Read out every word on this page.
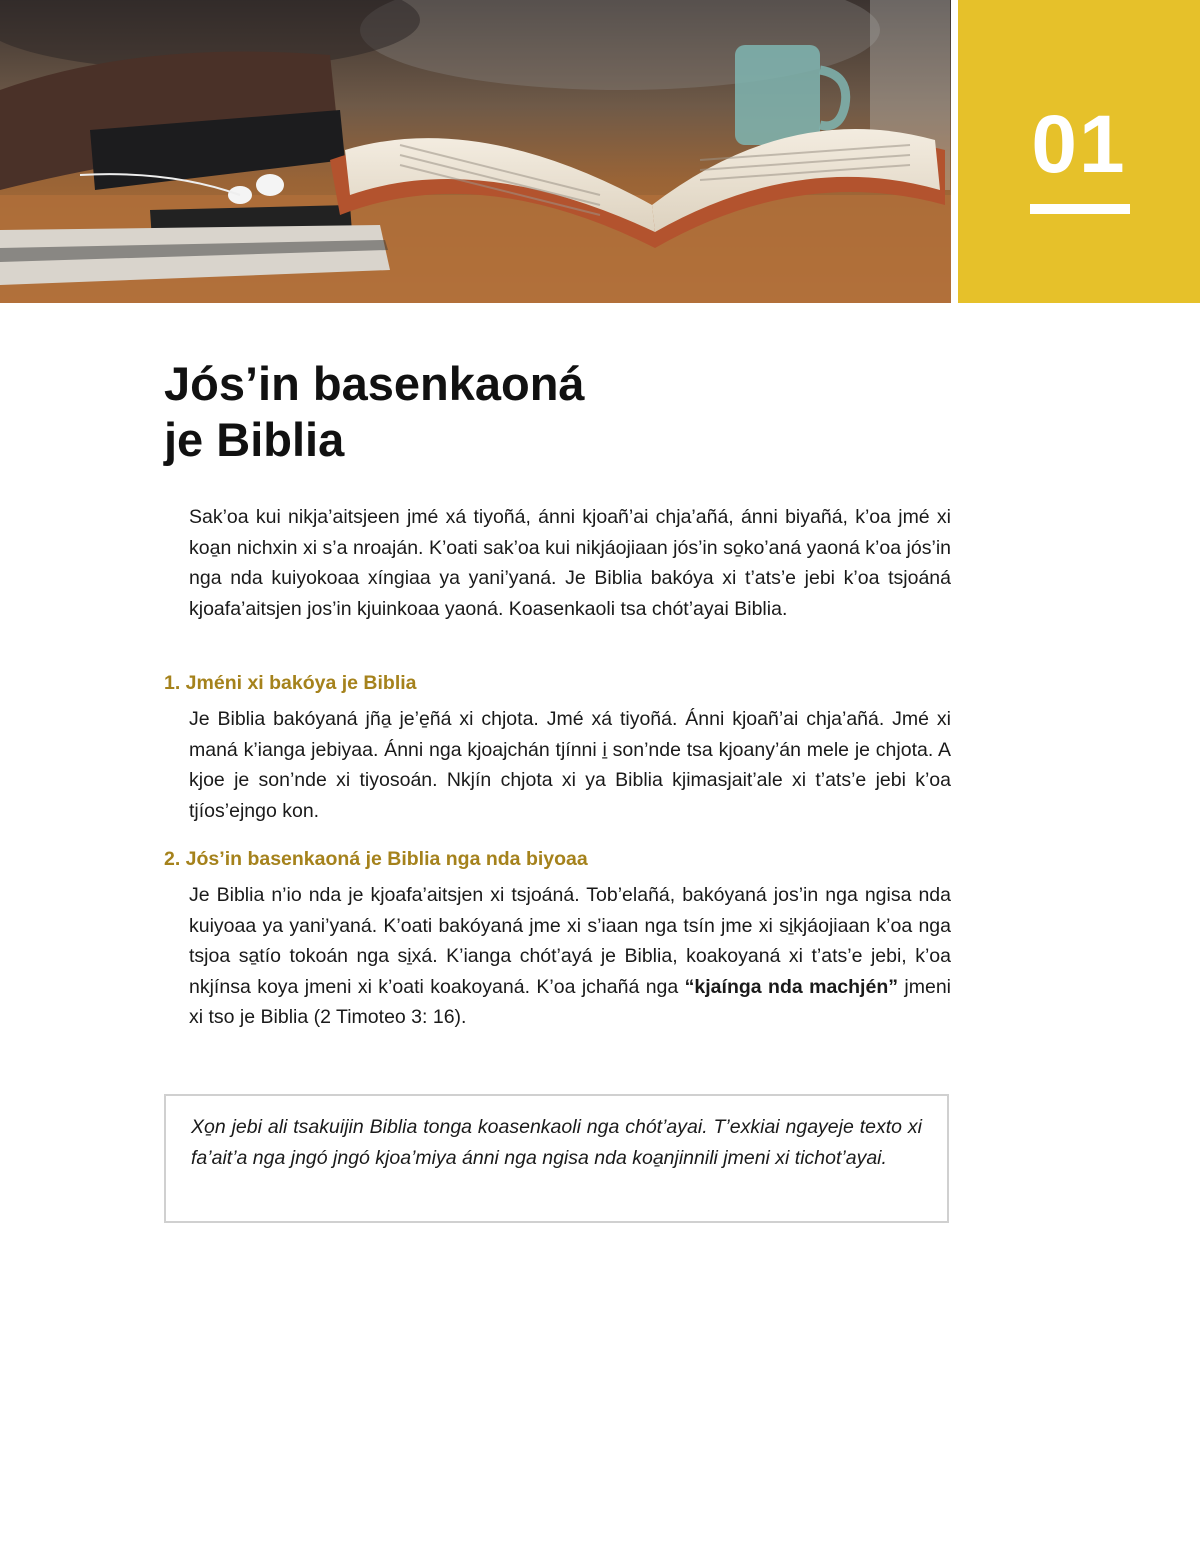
01
Jós’in basenkaoná
je Biblia

Sak’oa kui nikja’aitsjeen jmé xá tiyoñá, ánni kjoañ’ai chja’añá, ánni biyañá, k’oa jmé xi koa̱n nichxin xi s’a nroaján. K’oati sak’oa kui nikjáojiaan jós’in so̱ko’aná yaoná k’oa jós’in nga nda kuiyokoaa xíngiaa ya yani’yaná. Je Biblia bakóya xi t’ats’e jebi k’oa tsjoáná kjoafa’aitsjen jos’in kjuinkoaa yaoná. Koasenkaoli tsa chót’ayai Biblia.

1. Jméni xi bakóya je Biblia

Je Biblia bakóyaná jña̱ je’e̱ñá xi chjota. Jmé xá tiyoñá. Ánni kjoañ’ai chja’añá. Jmé xi maná k’ianga jebiyaa. Ánni nga kjoajchán tjínni i̱ son’nde tsa kjoany’án mele je chjota. A kjoe je son’nde xi tiyosoán. Nkjín chjota xi ya Biblia kjimasjait’ale xi t’ats’e jebi k’oa tjíos’ejngo kon.

2. Jós’in basenkaoná je Biblia nga nda biyoaa

Je Biblia n’io nda je kjoafa’aitsjen xi tsjoáná. Tob’elañá, bakóyaná jos’in nga ngisa nda kuiyoaa ya yani’yaná. K’oati bakóyaná jme xi s’iaan nga tsín jme xi si̱kjáojiaan k’oa nga tsjoa sa̱tío tokoán nga si̱xá. K’ianga chót’ayá je Biblia, koakoyaná xi t’ats’e jebi, k’oa nkjínsa koya jmeni xi k’oati koakoyaná. K’oa jchañá nga “kjaínga nda machjén” jmeni xi tso je Biblia (2 Timoteo 3: 16).

Xo̱n jebi ali tsakuijin Biblia tonga koasenkaoli nga chót’ayai. T’exkiai ngayeje texto xi fa’ait’a nga jngó jngó kjoa’miya ánni nga ngisa nda koa̱njinnili jmeni xi tichot’ayai.
